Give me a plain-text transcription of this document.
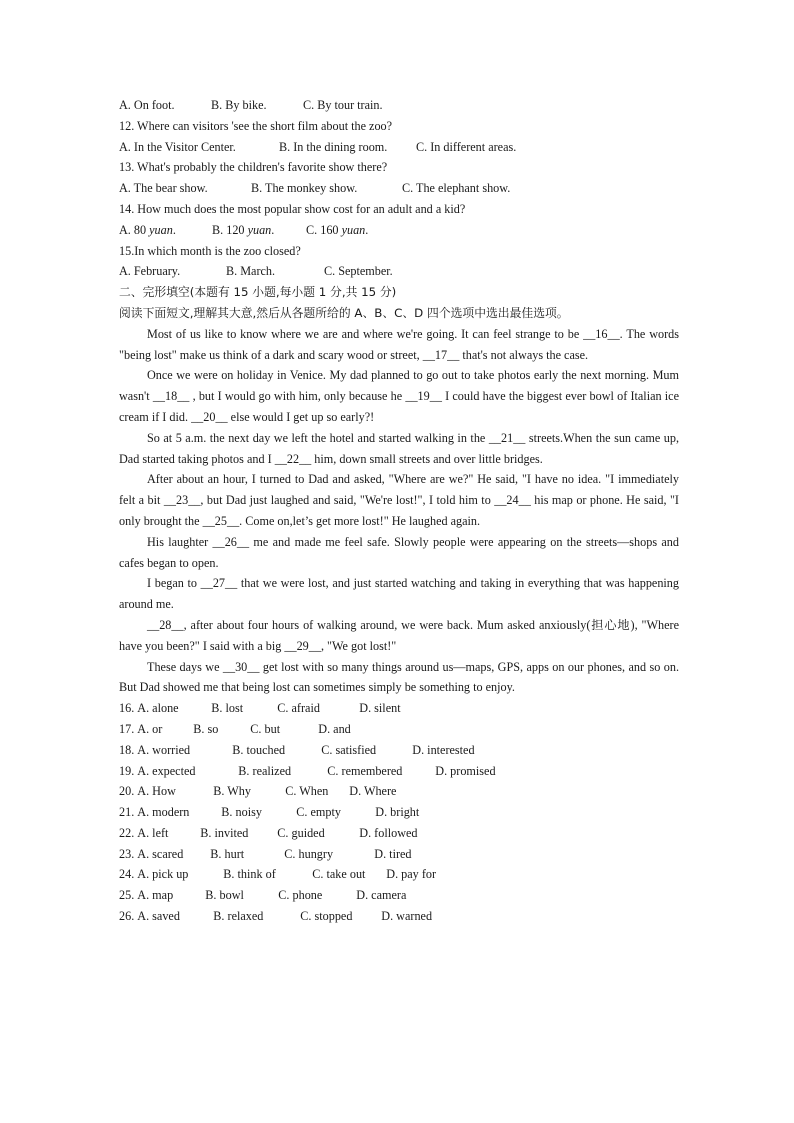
A. On foot.	B. By bike.	C. By tour train.
12. Where can visitors 'see the short film about the zoo?
A. In the Visitor Center.	B. In the dining room. C. In different areas.
13. What's probably the children's favorite show there?
A. The bear show.	B. The monkey show.	C. The elephant show.
14. How much does the most popular show cost for an adult and a kid?
A. 80 yuan.	B. 120 yuan.	C. 160 yuan.
15.In which month is the zoo closed?
A. February.	B. March.	C. September.
二、完形填空(本题有 15 小题,每小题 1 分,共 15 分)
阅读下面短文,理解其大意,然后从各题所给的 A、B、C、D 四个选项中选出最佳选项。
Most of us like to know where we are and where we're going. It can feel strange to be __16__. The words "being lost" make us think of a dark and scary wood or street, __17__ that's not always the case.
Once we were on holiday in Venice. My dad planned to go out to take photos early the next morning. Mum wasn't __18__ , but I would go with him, only because he __19__ I could have the biggest ever bowl of Italian ice cream if I did. __20__ else would I get up so early?!
So at 5 a.m. the next day we left the hotel and started walking in the __21__ streets.When the sun came up, Dad started taking photos and I __22__ him, down small streets and over little bridges.
After about an hour, I turned to Dad and asked, "Where are we?" He said, "I have no idea. "I immediately felt a bit __23__, but Dad just laughed and said, "We're lost!", I told him to __24__ his map or phone. He said, "I only brought the __25__. Come on,let’s get more lost!" He laughed again.
His laughter __26__ me and made me feel safe. Slowly people were appearing on the streets—shops and cafes began to open.
I began to __27__ that we were lost, and just started watching and taking in everything that was happening around me.
__28__, after about four hours of walking around, we were back. Mum asked anxiously(担心地), "Where have you been?" I said with a big __29__, "We got lost!"
These days we __30__ get lost with so many things around us—maps, GPS, apps on our phones, and so on. But Dad showed me that being lost can sometimes simply be something to enjoy.
16. A. alone	B. lost	C. afraid	D. silent
17. A. or	B. so	C. but	D. and
18. A. worried	B. touched	C. satisfied	D. interested
19. A. expected	B. realized	C. remembered	D. promised
20. A. How	B. Why	C. When D. Where
21. A. modern	B. noisy	C. empty	D. bright
22. A. left	B. invited C. guided	D. followed
23. A. scared B. hurt	C. hungry	D. tired
24. A. pick up	B. think of	C. take out D. pay for
25. A. map	B. bowl	C. phone	D. camera
26. A. saved	B. relaxed	C. stopped D. warned
